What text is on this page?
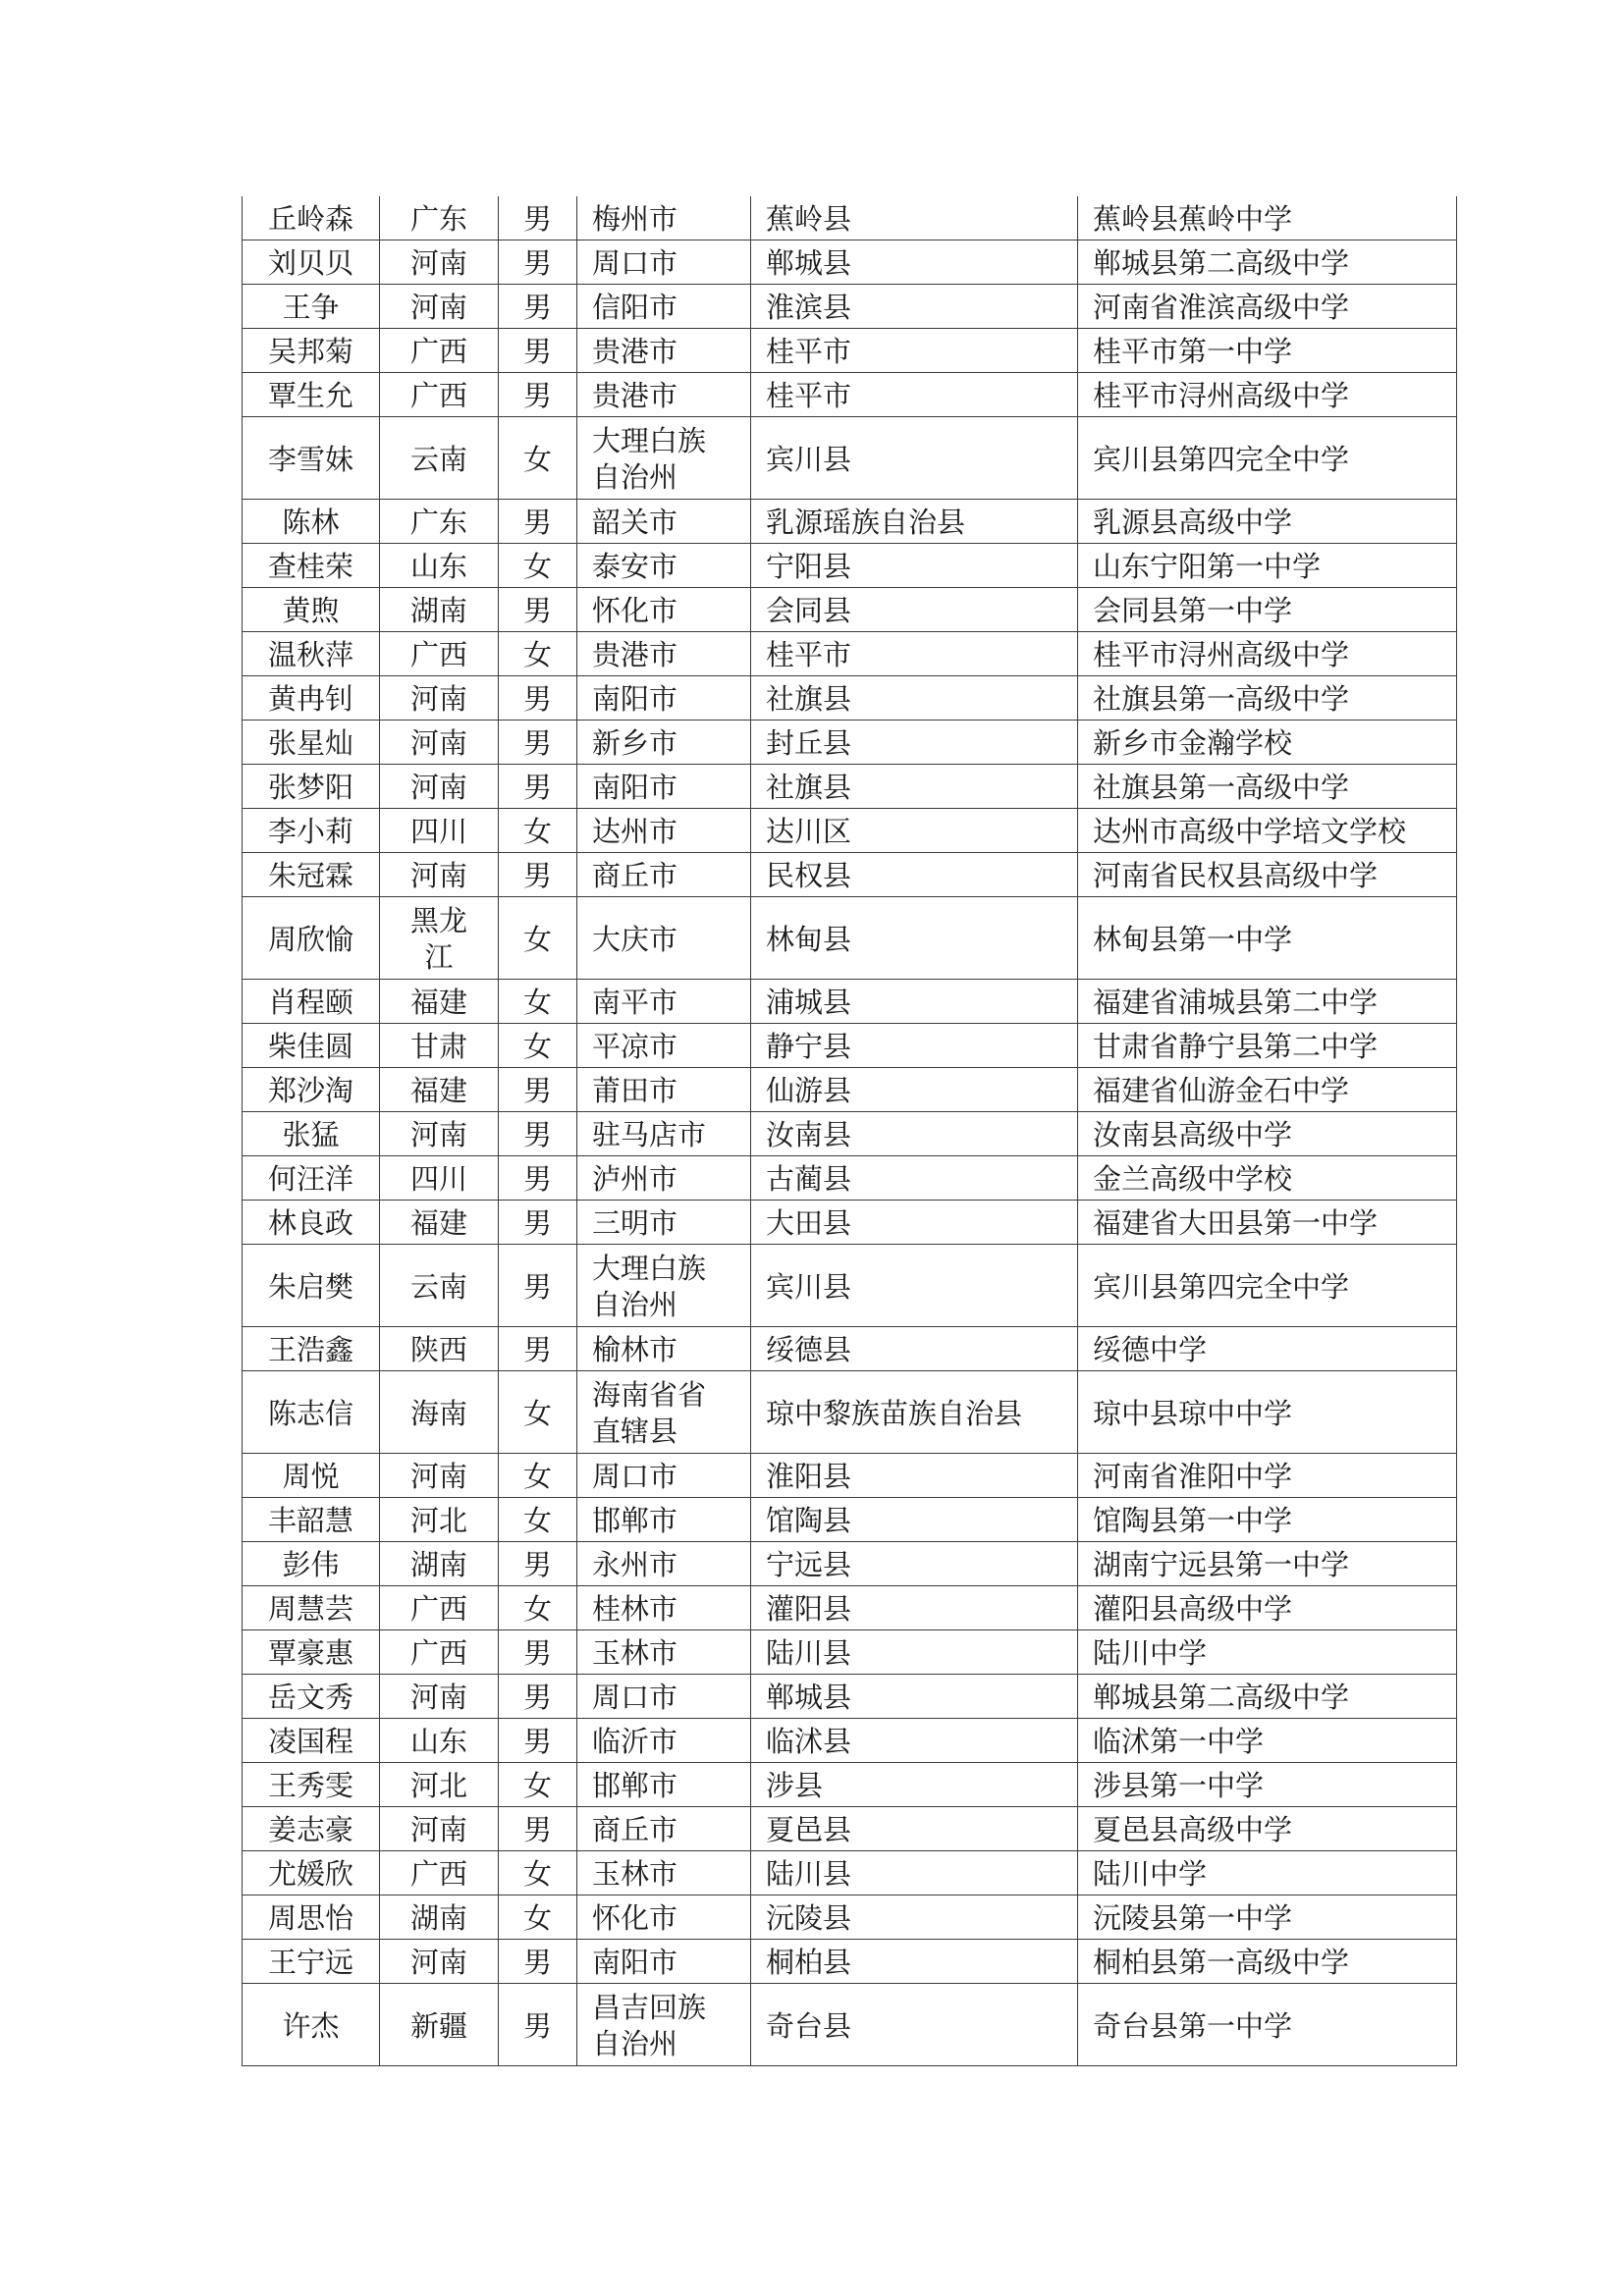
丘岭森	广东	男	梅州市	蕉岭县	蕉岭县蕉岭中学
刘贝贝	河南	男	周口市	郸城县	郸城县第二高级中学
王争	河南	男	信阳市	淮滨县	河南省淮滨高级中学
吴邦菊	广西	男	贵港市	桂平市	桂平市第一中学
覃生允	广西	男	贵港市	桂平市	桂平市浔州高级中学
李雪妹	云南	女	大理白族自治州	宾川县	宾川县第四完全中学
陈林	广东	男	韶关市	乳源瑶族自治县	乳源县高级中学
查桂荣	山东	女	泰安市	宁阳县	山东宁阳第一中学
黄煦	湖南	男	怀化市	会同县	会同县第一中学
温秋萍	广西	女	贵港市	桂平市	桂平市浔州高级中学
黄冉钊	河南	男	南阳市	社旗县	社旗县第一高级中学
张星灿	河南	男	新乡市	封丘县	新乡市金瀚学校
张梦阳	河南	男	南阳市	社旗县	社旗县第一高级中学
李小莉	四川	女	达州市	达川区	达州市高级中学培文学校
朱冠霖	河南	男	商丘市	民权县	河南省民权县高级中学
周欣愉	黑龙江	女	大庆市	林甸县	林甸县第一中学
肖程颐	福建	女	南平市	浦城县	福建省浦城县第二中学
柴佳圆	甘肃	女	平凉市	静宁县	甘肃省静宁县第二中学
郑沙淘	福建	男	莆田市	仙游县	福建省仙游金石中学
张猛	河南	男	驻马店市	汝南县	汝南县高级中学
何汪洋	四川	男	泸州市	古蔺县	金兰高级中学校
林良政	福建	男	三明市	大田县	福建省大田县第一中学
朱启樊	云南	男	大理白族自治州	宾川县	宾川县第四完全中学
王浩鑫	陕西	男	榆林市	绥德县	绥德中学
陈志信	海南	女	海南省省直辖县	琼中黎族苗族自治县	琼中县琼中中学
周悦	河南	女	周口市	淮阳县	河南省淮阳中学
丰韶慧	河北	女	邯郸市	馆陶县	馆陶县第一中学
彭伟	湖南	男	永州市	宁远县	湖南宁远县第一中学
周慧芸	广西	女	桂林市	灌阳县	灌阳县高级中学
覃豪惠	广西	男	玉林市	陆川县	陆川中学
岳文秀	河南	男	周口市	郸城县	郸城县第二高级中学
凌国程	山东	男	临沂市	临沭县	临沭第一中学
王秀雯	河北	女	邯郸市	涉县	涉县第一中学
姜志豪	河南	男	商丘市	夏邑县	夏邑县高级中学
尤媛欣	广西	女	玉林市	陆川县	陆川中学
周思怡	湖南	女	怀化市	沅陵县	沅陵县第一中学
王宁远	河南	男	南阳市	桐柏县	桐柏县第一高级中学
许杰	新疆	男	昌吉回族自治州	奇台县	奇台县第一中学
